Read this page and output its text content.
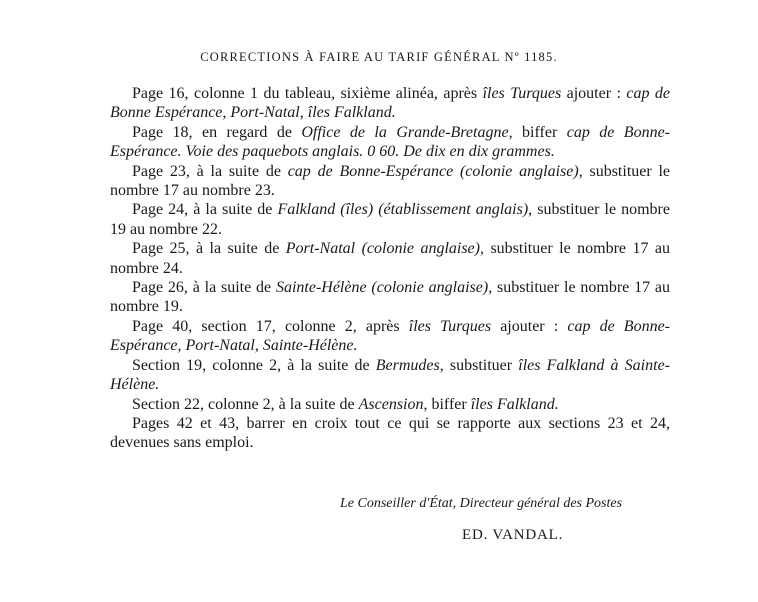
CORRECTIONS À FAIRE AU TARIF GÉNÉRAL Nº 1185.

Page 16, colonne 1 du tableau, sixième alinéa, après îles Turques ajouter : cap de Bonne Espérance, Port-Natal, îles Falkland.

Page 18, en regard de Office de la Grande-Bretagne, biffer cap de Bonne-Espérance. Voie des paquebots anglais. 0 60. De dix en dix grammes.

Page 23, à la suite de cap de Bonne-Espérance (colonie anglaise), substituer le nombre 17 au nombre 23.

Page 24, à la suite de Falkland (îles) (établissement anglais), substituer le nombre 19 au nombre 22.

Page 25, à la suite de Port-Natal (colonie anglaise), substituer le nombre 17 au nombre 24.

Page 26, à la suite de Sainte-Hélène (colonie anglaise), substituer le nombre 17 au nombre 19.

Page 40, section 17, colonne 2, après îles Turques ajouter : cap de Bonne-Espérance, Port-Natal, Sainte-Hélène.

Section 19, colonne 2, à la suite de Bermudes, substituer îles Falkland à Sainte-Hélène.

Section 22, colonne 2, à la suite de Ascension, biffer îles Falkland.

Pages 42 et 43, barrer en croix tout ce qui se rapporte aux sections 23 et 24, devenues sans emploi.

Le Conseiller d'État, Directeur général des Postes
ED. VANDAL.
